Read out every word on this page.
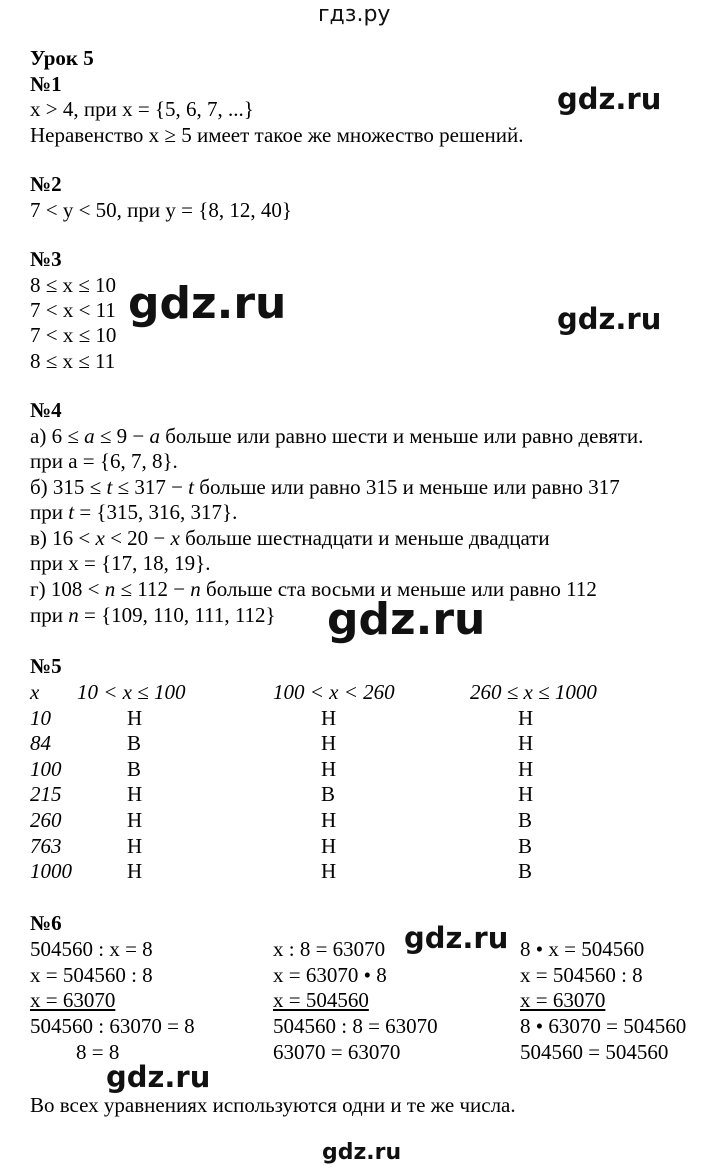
гдз.ру
Урок 5
№1
x > 4, при x = {5, 6, 7, ...}
Неравенство x ≥ 5 имеет такое же множество решений.
№2
7 < y < 50, при y = {8, 12, 40}
№3
8 ≤ x ≤ 10
7 < x < 11
7 < x ≤ 10
8 ≤ x ≤ 11
№4
а) 6 ≤ a ≤ 9 − a больше или равно шести и меньше или равно девяти.
при a = {6, 7, 8}.
б) 315 ≤ t ≤ 317 − t больше или равно 315 и меньше или равно 317
при t = {315, 316, 317}.
в) 16 < x < 20 − x больше шестнадцати и меньше двадцати
при x = {17, 18, 19}.
г) 108 < n ≤ 112 − n больше ста восьми и меньше или равно 112
при n = {109, 110, 111, 112}
№5
x 10 < x ≤ 100	100 < x < 260	260 ≤ x ≤ 1000
10	Н	Н	Н
84	В	Н	Н
100	В	Н	Н
215	Н	В	Н
260	Н	Н	В
763	Н	Н	В
1000	Н	Н	В
№6
504560 : x = 8
x = 504560 : 8
x = 63070
504560 : 63070 = 8
8 = 8
x : 8 = 63070
x = 63070 • 8
x = 504560
504560 : 8 = 63070
63070 = 63070
8 • x = 504560
x = 504560 : 8
x = 63070
8 • 63070 = 504560
504560 = 504560
Во всех уравнениях используются одни и те же числа.
gdz.ru
gdz.ru	gdz.ru
gdz.ru
gdz.ru
gdz.ru
gdz.ru
